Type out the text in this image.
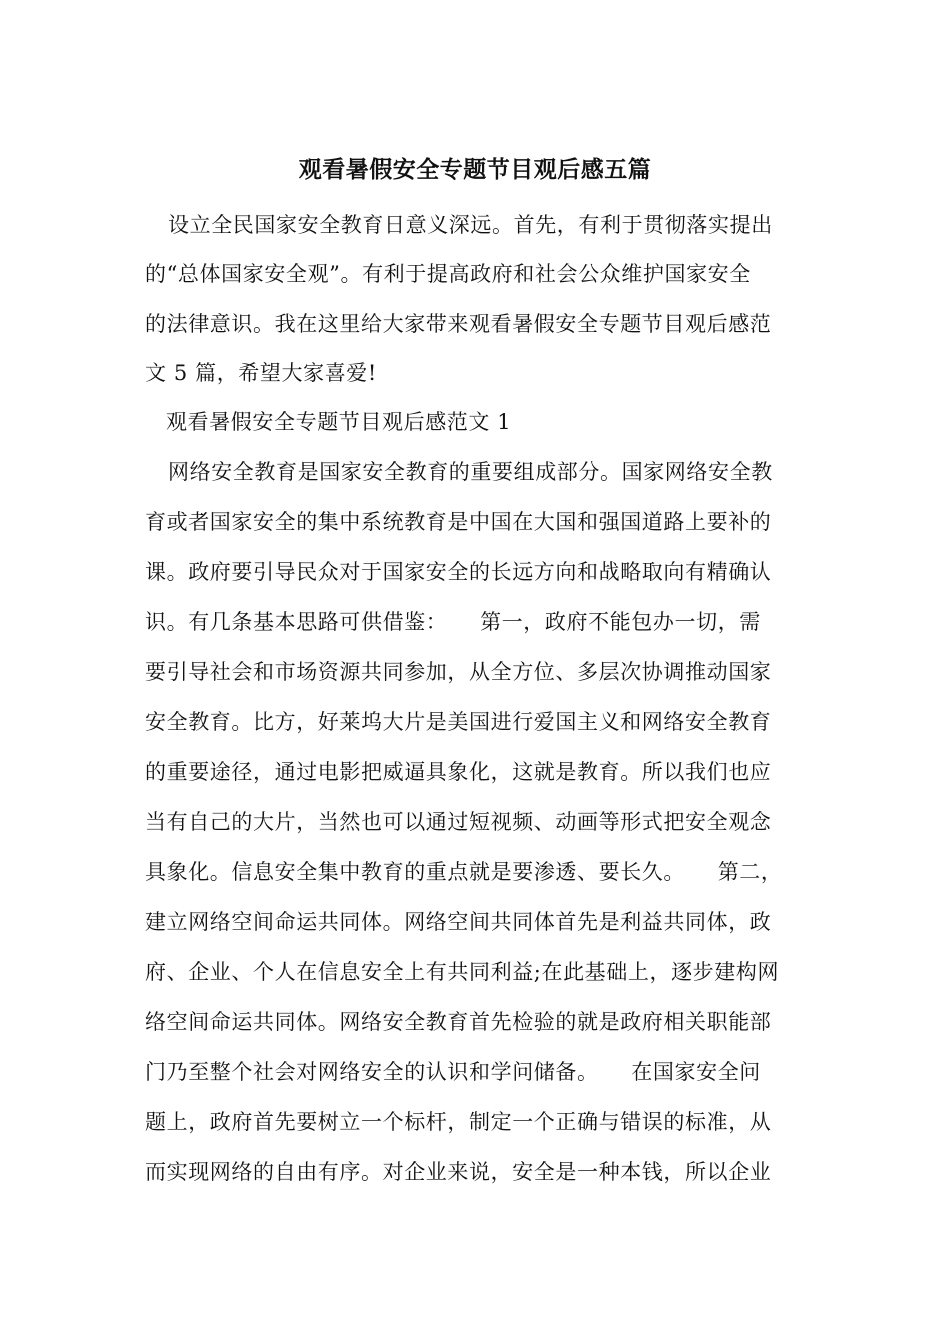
观看暑假安全专题节目观后感五篇
设立全民国家安全教育日意义深远。首先，有利于贯彻落实提出
的“总体国家安全观”。有利于提高政府和社会公众维护国家安全
的法律意识。我在这里给大家带来观看暑假安全专题节目观后感范
文 5 篇，希望大家喜爱!
观看暑假安全专题节目观后感范文 1
网络安全教育是国家安全教育的重要组成部分。国家网络安全教
育或者国家安全的集中系统教育是中国在大国和强国道路上要补的
课。政府要引导民众对于国家安全的长远方向和战略取向有精确认
识。有几条基本思路可供借鉴：　　第一，政府不能包办一切，需
要引导社会和市场资源共同参加，从全方位、多层次协调推动国家
安全教育。比方，好莱坞大片是美国进行爱国主义和网络安全教育
的重要途径，通过电影把威逼具象化，这就是教育。所以我们也应
当有自己的大片，当然也可以通过短视频、动画等形式把安全观念
具象化。信息安全集中教育的重点就是要渗透、要长久。　　第二，
建立网络空间命运共同体。网络空间共同体首先是利益共同体，政
府、企业、个人在信息安全上有共同利益;在此基础上，逐步建构网
络空间命运共同体。网络安全教育首先检验的就是政府相关职能部
门乃至整个社会对网络安全的认识和学问储备。　　在国家安全问
题上，政府首先要树立一个标杆，制定一个正确与错误的标准，从
而实现网络的自由有序。对企业来说，安全是一种本钱，所以企业
